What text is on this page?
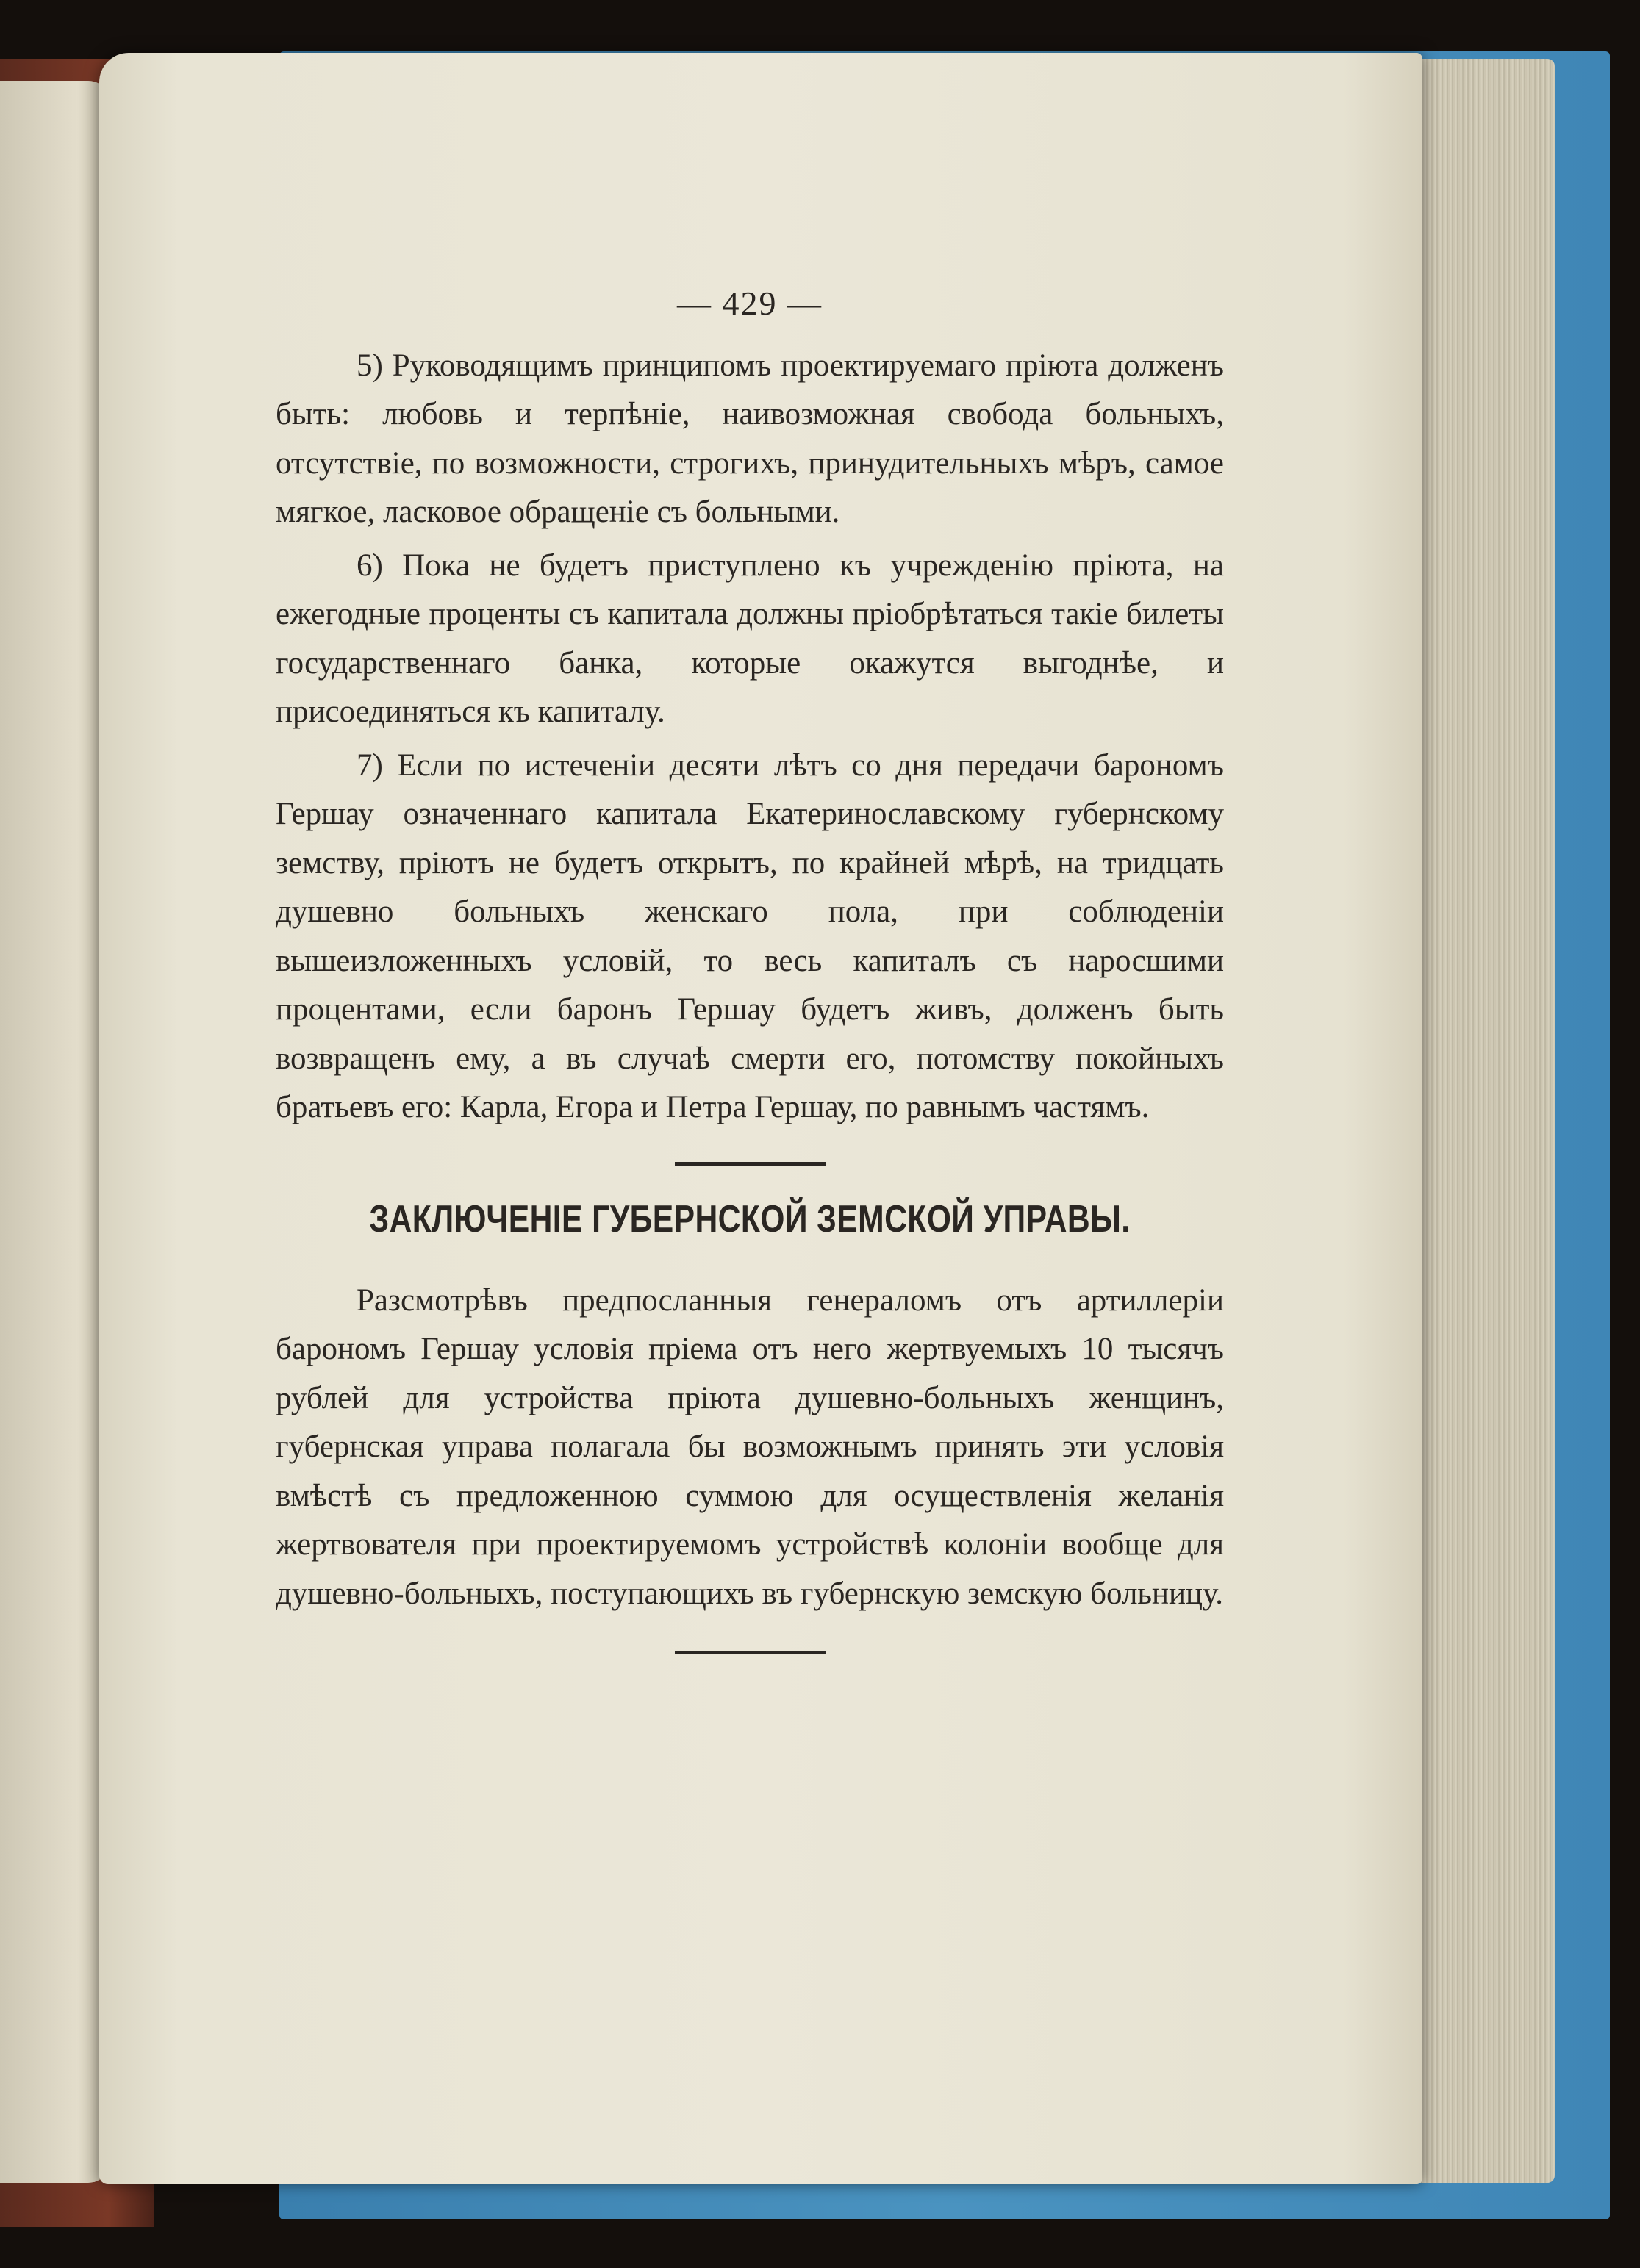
— 429 —

5) Руководящимъ принципомъ проектируемаго прiюта долженъ быть: любовь и терпѣнiе, наивозможная свобода больныхъ, отсутствiе, по возможности, строгихъ, принудительныхъ мѣръ, самое мягкое, ласковое обращенiе съ больными.

6) Пока не будетъ приступлено къ учрежденiю прiюта, на ежегодные проценты съ капитала должны прiобрѣтаться такiе билеты государственнаго банка, которые окажутся выгоднѣе, и присоединяться къ капиталу.

7) Если по истеченiи десяти лѣтъ со дня передачи барономъ Гершау означеннаго капитала Екатеринославскому губернскому земству, прiютъ не будетъ открытъ, по крайней мѣрѣ, на тридцать душевно больныхъ женскаго пола, при соблюденiи вышеизложенныхъ условiй, то весь капиталъ съ наросшими процентами, если баронъ Гершау будетъ живъ, долженъ быть возвращенъ ему, а въ случаѣ смерти его, потомству покойныхъ братьевъ его: Карла, Егора и Петра Гершау, по равнымъ частямъ.

ЗАКЛЮЧЕНIЕ ГУБЕРНСКОЙ ЗЕМСКОЙ УПРАВЫ.

Разсмотрѣвъ предпосланныя генераломъ отъ артиллерiи барономъ Гершау условiя прiема отъ него жертвуемыхъ 10 тысячъ рублей для устройства прiюта душевно-больныхъ женщинъ, губернская управа полагала бы возможнымъ принять эти условiя вмѣстѣ съ предложенною суммою для осуществленiя желанiя жертвователя при проектируемомъ устройствѣ колонiи вообще для душевно-больныхъ, поступающихъ въ губернскую земскую больницу.
